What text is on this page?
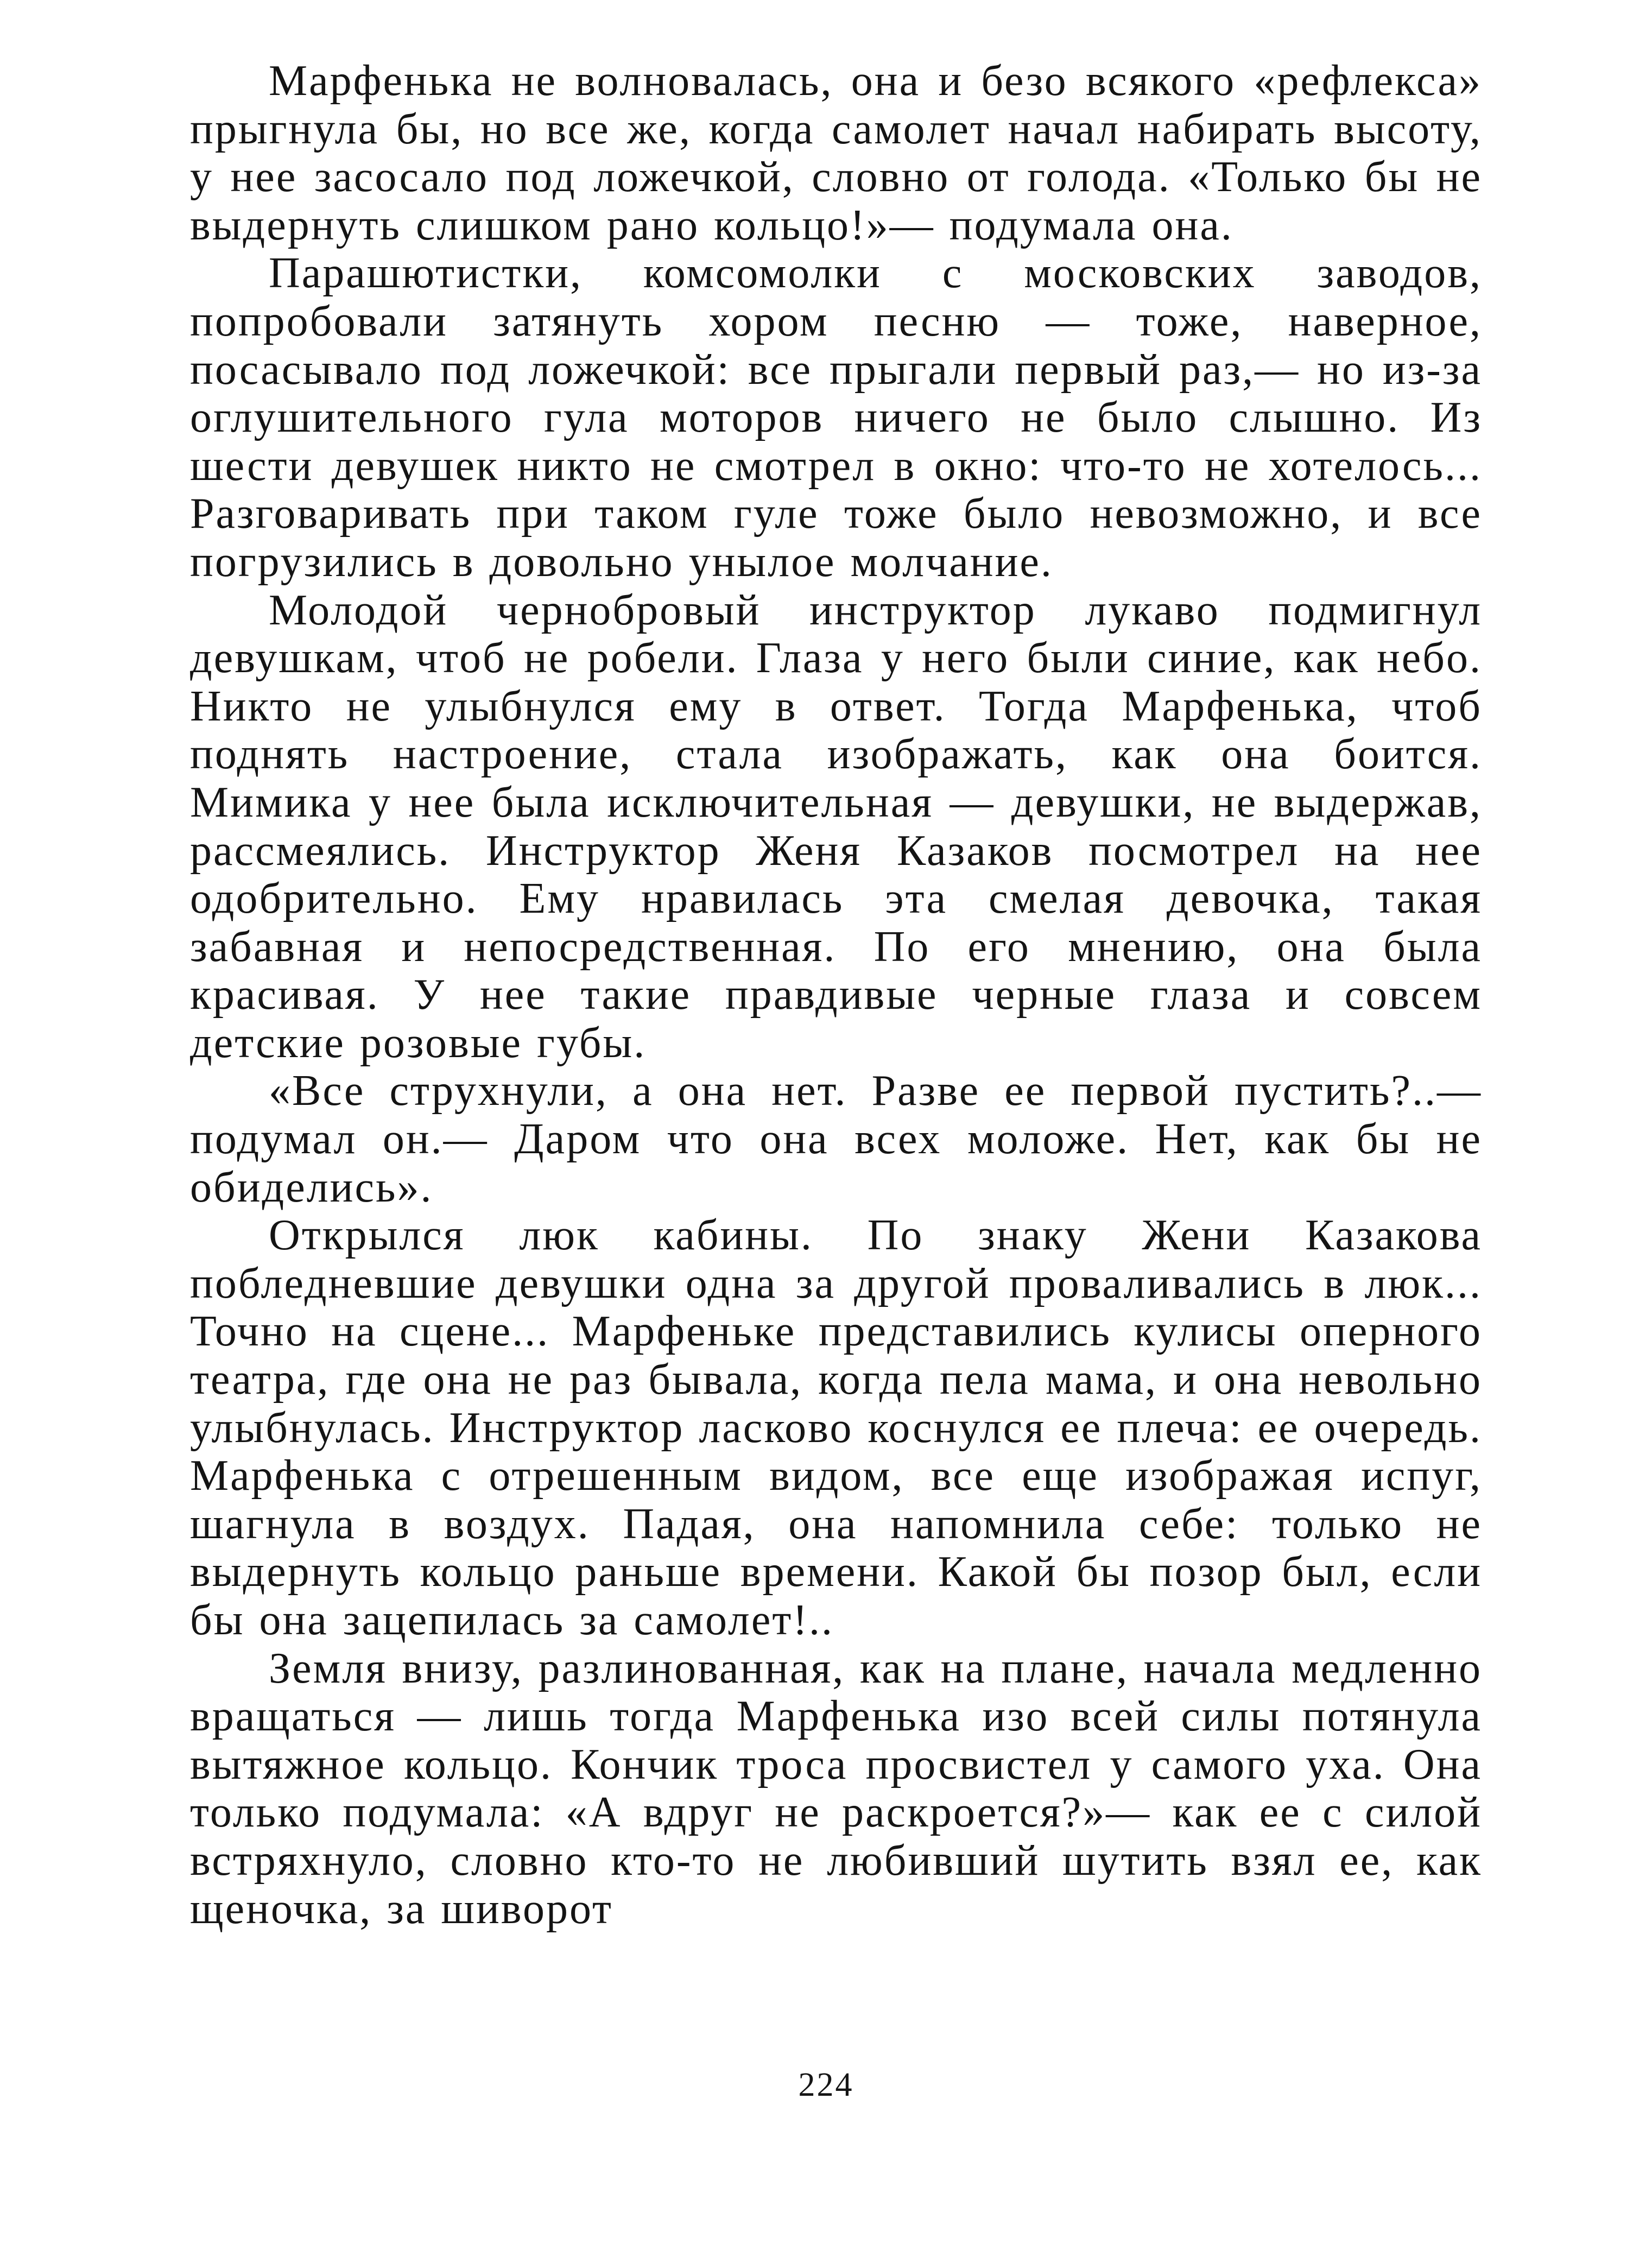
Марфенька не волновалась, она и безо всякого «рефлекса» прыгнула бы, но все же, когда самолет начал набирать высоту, у нее засосало под ложечкой, словно от голода. «Только бы не выдернуть слишком рано кольцо!»— подумала она.

Парашютистки, комсомолки с московских заводов, попробовали затянуть хором песню — тоже, наверное, посасывало под ложечкой: все прыгали первый раз,— но из-за оглушительного гула моторов ничего не было слышно. Из шести девушек никто не смотрел в окно: что-то не хотелось... Разговаривать при таком гуле тоже было невозможно, и все погрузились в довольно унылое молчание.

Молодой чернобровый инструктор лукаво подмигнул девушкам, чтоб не робели. Глаза у него были синие, как небо. Никто не улыбнулся ему в ответ. Тогда Марфенька, чтоб поднять настроение, стала изображать, как она боится. Мимика у нее была исключительная — девушки, не выдержав, рассмеялись. Инструктор Женя Казаков посмотрел на нее одобрительно. Ему нравилась эта смелая девочка, такая забавная и непосредственная. По его мнению, она была красивая. У нее такие правдивые черные глаза и совсем детские розовые губы.

«Все струхнули, а она нет. Разве ее первой пустить?..— подумал он.— Даром что она всех моложе. Нет, как бы не обиделись».

Открылся люк кабины. По знаку Жени Казакова побледневшие девушки одна за другой проваливались в люк... Точно на сцене... Марфеньке представились кулисы оперного театра, где она не раз бывала, когда пела мама, и она невольно улыбнулась. Инструктор ласково коснулся ее плеча: ее очередь. Марфенька с отрешенным видом, все еще изображая испуг, шагнула в воздух. Падая, она напомнила себе: только не выдернуть кольцо раньше времени. Какой бы позор был, если бы она зацепилась за самолет!..

Земля внизу, разлинованная, как на плане, начала медленно вращаться — лишь тогда Марфенька изо всей силы потянула вытяжное кольцо. Кончик троса просвистел у самого уха. Она только подумала: «А вдруг не раскроется?»— как ее с силой встряхнуло, словно кто-то не любивший шутить взял ее, как щеночка, за шиворот

224
